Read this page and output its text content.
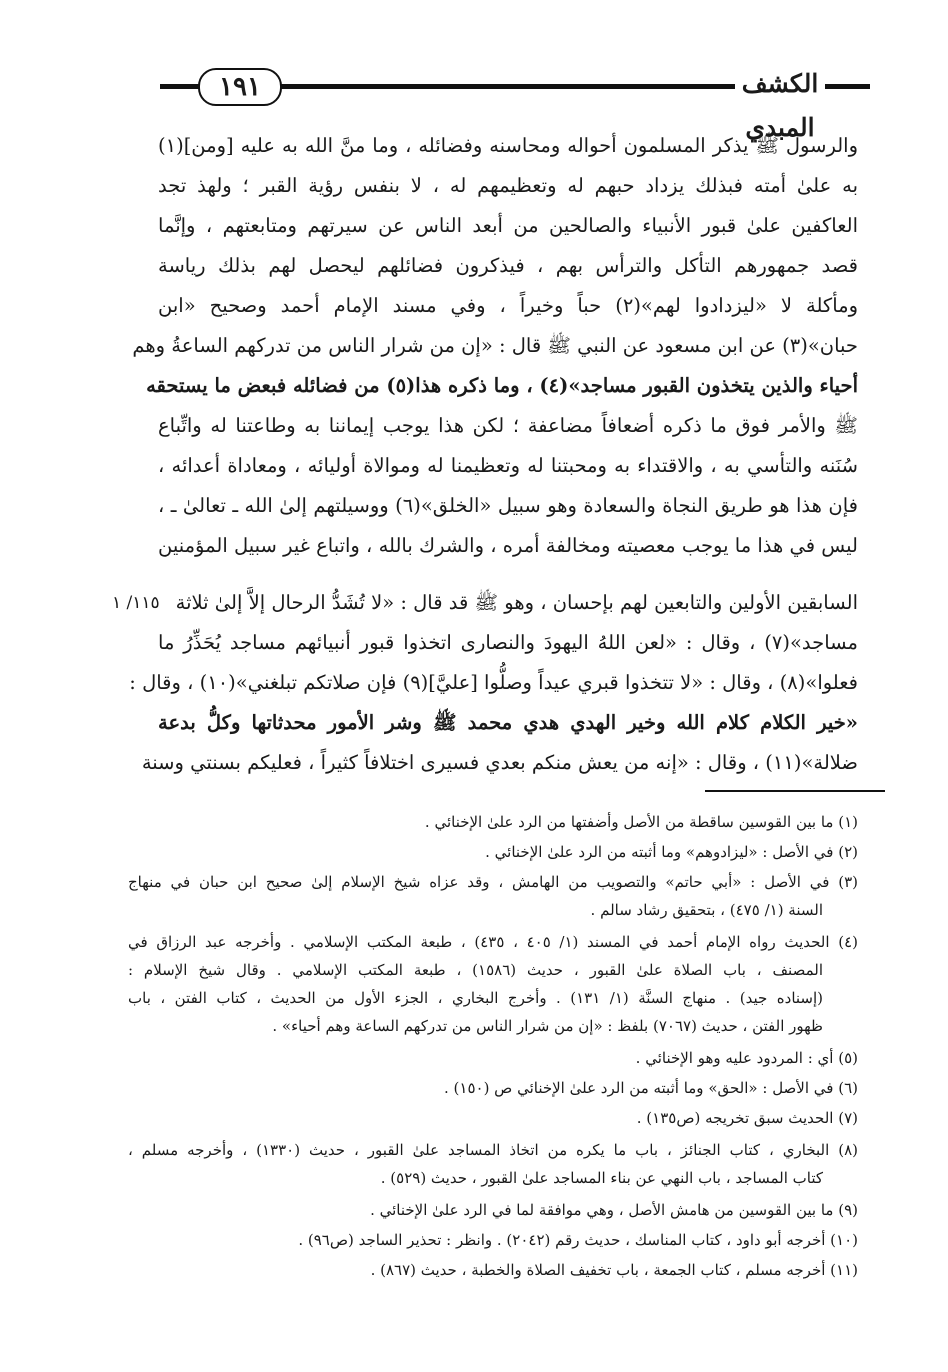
١٩١	الكشف المبدي
والرسول ﷺ يذكر المسلمون أحواله ومحاسنه وفضائله ، وما منَّ الله به عليه [ومن](١)
به علىٰ أمته فبذلك يزداد حبهم له وتعظيمهم له ، لا بنفس رؤية القبر ؛ ولهذ تجد
العاكفين علىٰ قبور الأنبياء والصالحين من أبعد الناس عن سيرتهم ومتابعتهم ، وإنَّما
قصد جمهورهم التأكل والترأس بهم ، فيذكرون فضائلهم ليحصل لهم بذلك رياسة
ومأكلة لا «ليزدادوا لهم»(٢) حباً وخيراً ، وفي مسند الإمام أحمد وصحيح «ابن
حبان»(٣) عن ابن مسعود عن النبي ﷺ قال : «إن من شرار الناس من تدركهم الساعةُ وهم
أحياء والذين يتخذون القبور مساجد»(٤) ، وما ذكره هذا(٥) من فضائله فبعض ما يستحقه
ﷺ والأمر فوق ما ذكره أضعافاً مضاعفة ؛ لكن هذا يوجب إيماننا به وطاعتنا له واتِّباع
سُنَنه والتأسي به ، والاقتداء به ومحبتنا له وتعظيمنا له وموالاة أوليائه ، ومعاداة أعدائه ،
فإن هذا هو طريق النجاة والسعادة وهو سبيل «الخلق»(٦) ووسيلتهم إلىٰ الله ـ تعالىٰ ـ ،
ليس في هذا ما يوجب معصيته ومخالفة أمره ، والشرك بالله ، واتباع غير سبيل المؤمنين
السابقين الأولين والتابعين لهم بإحسان ، وهو ﷺ قد قال : «لا تُشَدُّ الرحال إلاَّ إلىٰ ثلاثة
مساجد»(٧) ، وقال : «لعن اللهُ اليهودَ والنصارى اتخذوا قبور أنبيائهم مساجد يُحَذِّرُ ما
فعلوا»(٨) ، وقال : «لا تتخذوا قبري عيداً وصلُّوا [عليَّ](٩) فإن صلاتكم تبلغني»(١٠) ، وقال :
«خير الكلام كلام الله وخير الهدي هدي محمد ﷺ وشر الأمور محدثاتها وكلُّ بدعة
ضلالة»(١١) ، وقال : «إنه من يعش منكم بعدي فسيرى اختلافاً كثيراً ، فعليكم بسنتي وسنة
١١٥/ ١
(١) ما بين القوسين ساقطة من الأصل وأضفتها من الرد علىٰ الإخنائي .
(٢) في الأصل : «ليزادوهم» وما أثبته من الرد علىٰ الإخنائي .
(٣) في الأصل : «أبي حاتم» والتصويب من الهامش ، وقد عزاه شيخ الإسلام إلىٰ صحيح ابن حبان في منهاج
السنة (١/ ٤٧٥) ، بتحقيق رشاد سالم .
(٤) الحديث رواه الإمام أحمد في المسند (١/ ٤٠٥ ، ٤٣٥) ، طبعة المكتب الإسلامي . وأخرجه عبد الرزاق في
المصنف ، باب الصلاة علىٰ القبور ، حديث (١٥٨٦) ، طبعة المكتب الإسلامي . وقال شيخ الإسلام :
(إسناده جيد) . منهاج السنَّة (١/ ١٣١) . وأخرج البخاري ، الجزء الأول من الحديث ، كتاب الفتن ، باب
ظهور الفتن ، حديث (٧٠٦٧) بلفظ : «إن من شرار الناس من تدركهم الساعة وهم أحياء» .
(٥) أي : المردود عليه وهو الإخنائي .
(٦) في الأصل : «الحق» وما أثبته من الرد علىٰ الإخنائي ص (١٥٠) .
(٧) الحديث سبق تخريجه (ص١٣٥) .
(٨) البخاري ، كتاب الجنائز ، باب ما يكره من اتخاذ المساجد علىٰ القبور ، حديث (١٣٣٠) ، وأخرجه مسلم ،
كتاب المساجد ، باب النهي عن بناء المساجد علىٰ القبور ، حديث (٥٢٩) .
(٩) ما بين القوسين من هامش الأصل ، وهي موافقة لما في الرد علىٰ الإخنائي .
(١٠) أخرجه أبو داود ، كتاب المناسك ، حديث رقم (٢٠٤٢) . وانظر : تحذير الساجد (ص٩٦) .
(١١) أخرجه مسلم ، كتاب الجمعة ، باب تخفيف الصلاة والخطبة ، حديث (٨٦٧) .
